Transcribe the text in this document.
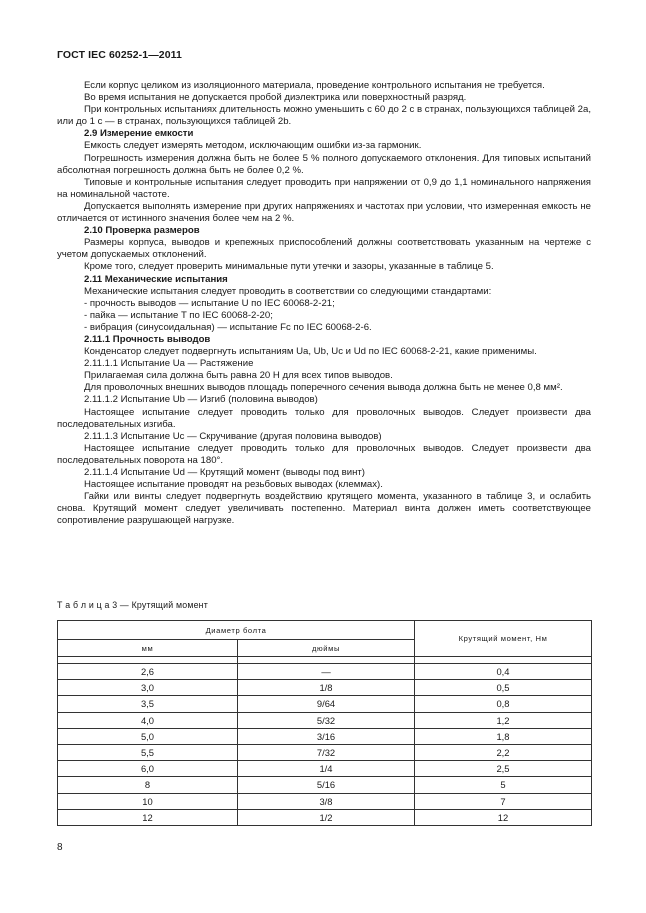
ГОСТ IEC 60252-1—2011

Если корпус целиком из изоляционного материала, проведение контрольного испытания не требуется.

Во время испытания не допускается пробой диэлектрика или поверхностный разряд.

При контрольных испытаниях длительность можно уменьшить с 60 до 2 с в странах, пользующихся таблицей 2а, или до 1 с — в странах, пользующихся таблицей 2b.

2.9 Измерение емкости

Емкость следует измерять методом, исключающим ошибки из-за гармоник.

Погрешность измерения должна быть не более 5 % полного допускаемого отклонения. Для типовых испытаний абсолютная погрешность должна быть не более 0,2 %.

Типовые и контрольные испытания следует проводить при напряжении от 0,9 до 1,1 номинального напряжения на номинальной частоте.

Допускается выполнять измерение при других напряжениях и частотах при условии, что измеренная емкость не отличается от истинного значения более чем на 2 %.

2.10 Проверка размеров

Размеры корпуса, выводов и крепежных приспособлений должны соответствовать указанным на чертеже с учетом допускаемых отклонений.

Кроме того, следует проверить минимальные пути утечки и зазоры, указанные в таблице 5.

2.11 Механические испытания

Механические испытания следует проводить в соответствии со следующими стандартами:

- прочность выводов — испытание U по IEC 60068-2-21;

- пайка — испытание T по IEC 60068-2-20;

- вибрация (синусоидальная) — испытание Fc по IEC 60068-2-6.

2.11.1 Прочность выводов

Конденсатор следует подвергнуть испытаниям Ua, Ub, Uc и Ud по IEC 60068-2-21, какие применимы.

2.11.1.1 Испытание Ua — Растяжение

Прилагаемая сила должна быть равна 20 Н для всех типов выводов.

Для проволочных внешних выводов площадь поперечного сечения вывода должна быть не менее 0,8 мм².

2.11.1.2 Испытание Ub — Изгиб (половина выводов)

Настоящее испытание следует проводить только для проволочных выводов. Следует произвести два последовательных изгиба.

2.11.1.3 Испытание Uc — Скручивание (другая половина выводов)

Настоящее испытание следует проводить только для проволочных выводов. Следует произвести два последовательных поворота на 180°.

2.11.1.4 Испытание Ud — Крутящий момент (выводы под винт)

Настоящее испытание проводят на резьбовых выводах (клеммах).

Гайки или винты следует подвергнуть воздействию крутящего момента, указанного в таблице 3, и ослабить снова. Крутящий момент следует увеличивать постепенно. Материал винта должен иметь соответствующее сопротивление разрушающей нагрузке.

Т а б л и ц а 3 — Крутящий момент
Диаметр болта		Крутящий момент, Нм
мм	дюймы	

2,6	—	0,4
3,0	1/8	0,5
3,5	9/64	0,8
4,0	5/32	1,2
5,0	3/16	1,8
5,5	7/32	2,2
6,0	1/4	2,5
8	5/16	5
10	3/8	7
12	1/2	12
8
